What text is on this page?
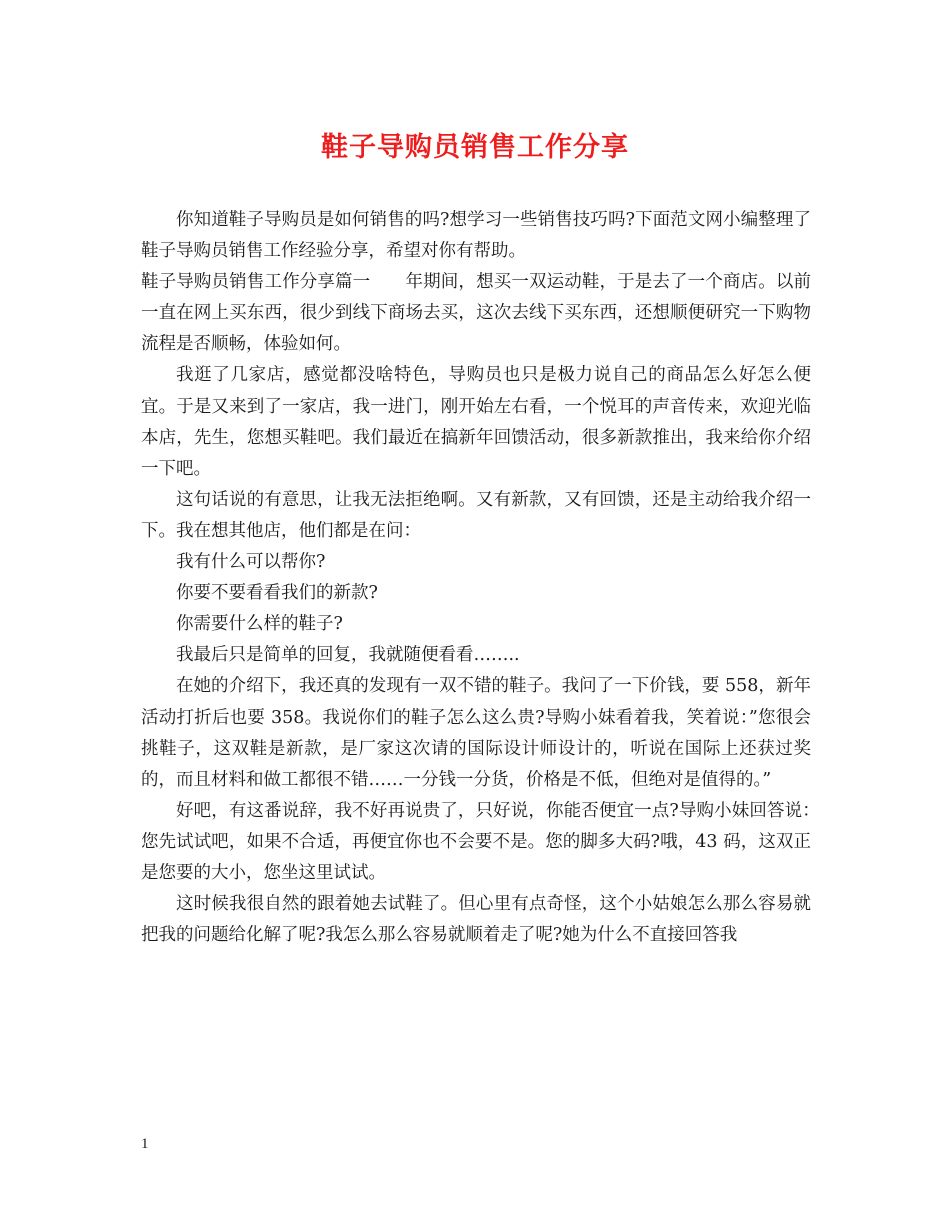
鞋子导购员销售工作分享

你知道鞋子导购员是如何销售的吗?想学习一些销售技巧吗?下面范文网小编整理了鞋子导购员销售工作经验分享，希望对你有帮助。

鞋子导购员销售工作分享篇一　　年期间，想买一双运动鞋，于是去了一个商店。以前一直在网上买东西，很少到线下商场去买，这次去线下买东西，还想顺便研究一下购物流程是否顺畅，体验如何。

我逛了几家店，感觉都没啥特色，导购员也只是极力说自己的商品怎么好怎么便宜。于是又来到了一家店，我一进门，刚开始左右看，一个悦耳的声音传来，欢迎光临本店，先生，您想买鞋吧。我们最近在搞新年回馈活动，很多新款推出，我来给你介绍一下吧。

这句话说的有意思，让我无法拒绝啊。又有新款，又有回馈，还是主动给我介绍一下。我在想其他店，他们都是在问：

我有什么可以帮你?

你要不要看看我们的新款?

你需要什么样的鞋子?

我最后只是简单的回复，我就随便看看……..

在她的介绍下，我还真的发现有一双不错的鞋子。我问了一下价钱，要 558，新年活动打折后也要 358。我说你们的鞋子怎么这么贵?导购小妹看着我，笑着说：”您很会挑鞋子，这双鞋是新款，是厂家这次请的国际设计师设计的，听说在国际上还获过奖的，而且材料和做工都很不错……一分钱一分货，价格是不低，但绝对是值得的。”

好吧，有这番说辞，我不好再说贵了，只好说，你能否便宜一点?导购小妹回答说：　您先试试吧，如果不合适，再便宜你也不会要不是。您的脚多大码?哦，43 码，这双正是您要的大小，您坐这里试试。

这时候我很自然的跟着她去试鞋了。但心里有点奇怪，这个小姑娘怎么那么容易就把我的问题给化解了呢?我怎么那么容易就顺着走了呢?她为什么不直接回答我

1
